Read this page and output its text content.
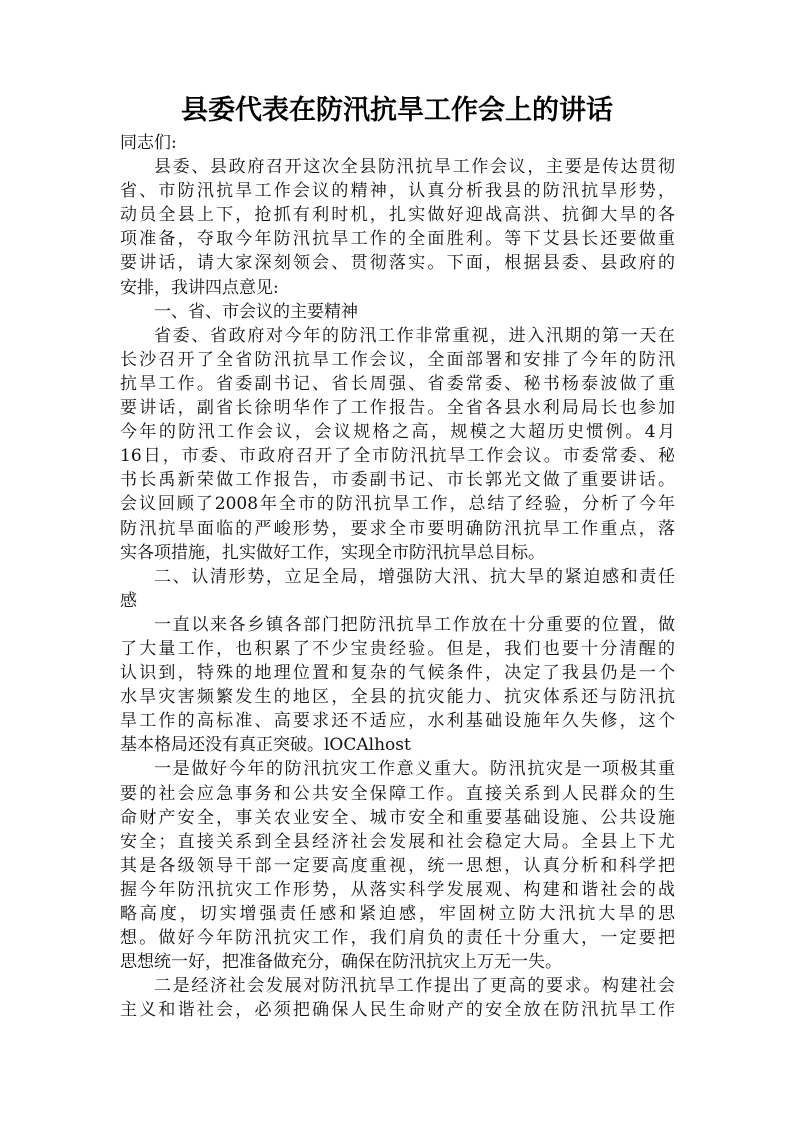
县委代表在防汛抗旱工作会上的讲话
同志们:
县委、县政府召开这次全县防汛抗旱工作会议，主要是传达贯彻
省、市防汛抗旱工作会议的精神，认真分析我县的防汛抗旱形势，
动员全县上下，抢抓有利时机，扎实做好迎战高洪、抗御大旱的各
项准备，夺取今年防汛抗旱工作的全面胜利。等下艾县长还要做重
要讲话，请大家深刻领会、贯彻落实。下面，根据县委、县政府的
安排，我讲四点意见:
一、省、市会议的主要精神
省委、省政府对今年的防汛工作非常重视，进入汛期的第一天在
长沙召开了全省防汛抗旱工作会议，全面部署和安排了今年的防汛
抗旱工作。省委副书记、省长周强、省委常委、秘书杨泰波做了重
要讲话，副省长徐明华作了工作报告。全省各县水利局局长也参加
今年的防汛工作会议，会议规格之高，规模之大超历史惯例。4月
16日，市委、市政府召开了全市防汛抗旱工作会议。市委常委、秘
书长禹新荣做工作报告，市委副书记、市长郭光文做了重要讲话。
会议回顾了2008年全市的防汛抗旱工作，总结了经验，分析了今年
防汛抗旱面临的严峻形势，要求全市要明确防汛抗旱工作重点，落
实各项措施，扎实做好工作，实现全市防汛抗旱总目标。
二、认清形势，立足全局，增强防大汛、抗大旱的紧迫感和责任
感
一直以来各乡镇各部门把防汛抗旱工作放在十分重要的位置，做
了大量工作，也积累了不少宝贵经验。但是，我们也要十分清醒的
认识到，特殊的地理位置和复杂的气候条件，决定了我县仍是一个
水旱灾害频繁发生的地区，全县的抗灾能力、抗灾体系还与防汛抗
旱工作的高标准、高要求还不适应，水利基础设施年久失修，这个
基本格局还没有真正突破。lOCAlhost
一是做好今年的防汛抗灾工作意义重大。防汛抗灾是一项极其重
要的社会应急事务和公共安全保障工作。直接关系到人民群众的生
命财产安全，事关农业安全、城市安全和重要基础设施、公共设施
安全；直接关系到全县经济社会发展和社会稳定大局。全县上下尤
其是各级领导干部一定要高度重视，统一思想，认真分析和科学把
握今年防汛抗灾工作形势，从落实科学发展观、构建和谐社会的战
略高度，切实增强责任感和紧迫感，牢固树立防大汛抗大旱的思
想。做好今年防汛抗灾工作，我们肩负的责任十分重大，一定要把
思想统一好，把准备做充分，确保在防汛抗灾上万无一失。
二是经济社会发展对防汛抗旱工作提出了更高的要求。构建社会
主义和谐社会，必须把确保人民生命财产的安全放在防汛抗旱工作
